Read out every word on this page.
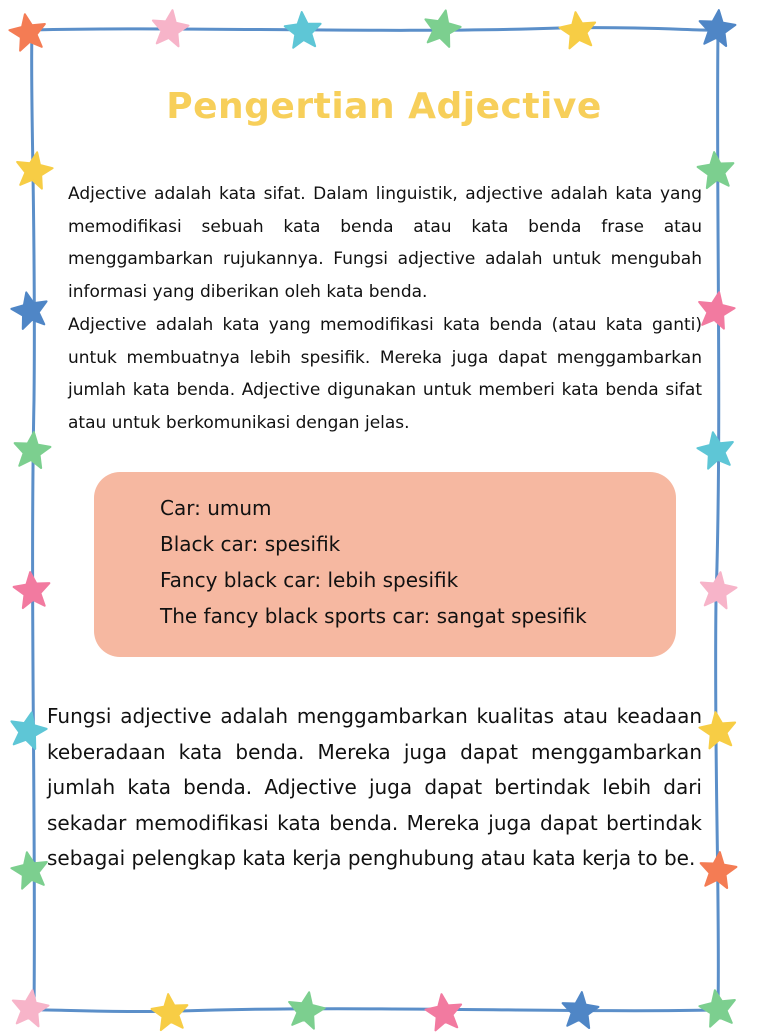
Pengertian Adjective

Adjective adalah kata sifat. Dalam linguistik, adjective adalah kata yang memodifikasi sebuah kata benda atau kata benda frase atau menggambarkan rujukannya. Fungsi adjective adalah untuk mengubah informasi yang diberikan oleh kata benda.

Adjective adalah kata yang memodifikasi kata benda (atau kata ganti) untuk membuatnya lebih spesifik. Mereka juga dapat menggambarkan jumlah kata benda. Adjective digunakan untuk memberi kata benda sifat atau untuk berkomunikasi dengan jelas.

Car: umum
Black car: spesifik
Fancy black car: lebih spesifik
The fancy black sports car: sangat spesifik

Fungsi adjective adalah menggambarkan kualitas atau keadaan keberadaan kata benda. Mereka juga dapat menggambarkan jumlah kata benda. Adjective juga dapat bertindak lebih dari sekadar memodifikasi kata benda. Mereka juga dapat bertindak sebagai pelengkap kata kerja penghubung atau kata kerja to be.
